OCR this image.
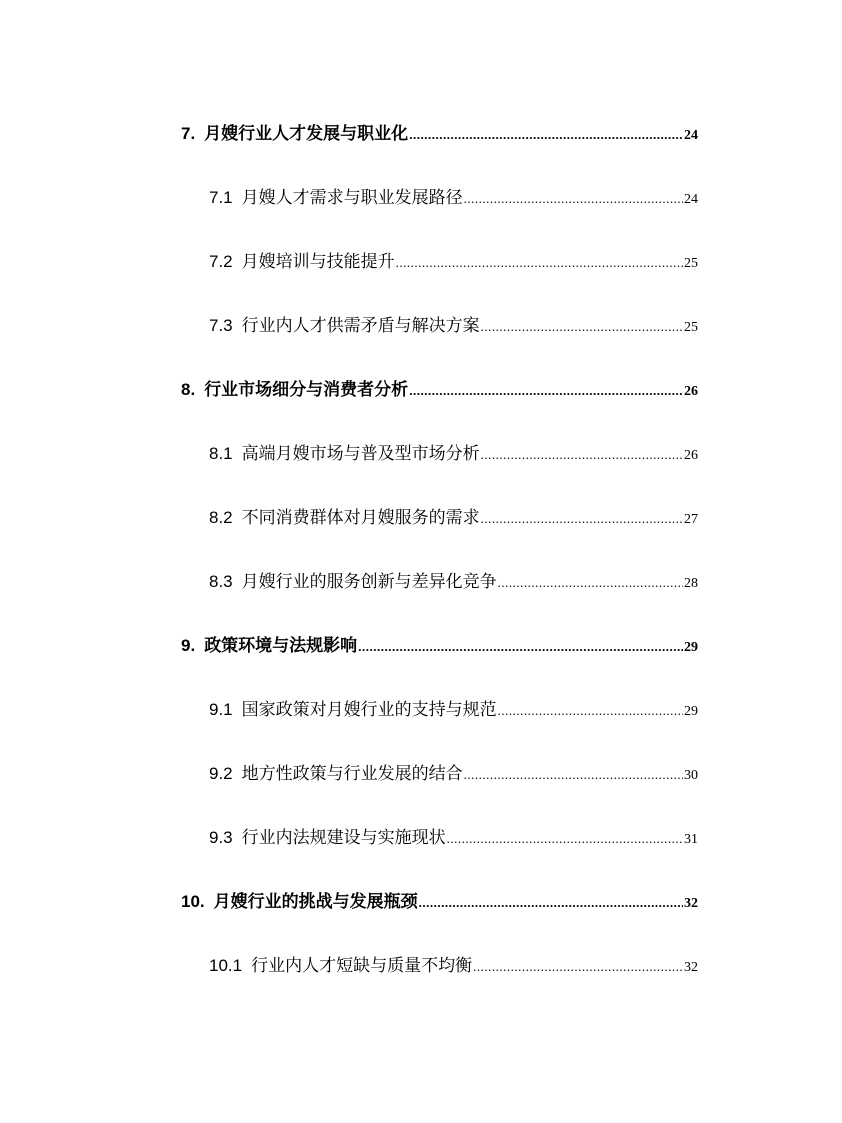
7. 月嫂行业人才发展与职业化 .....	24
7.1 月嫂人才需求与职业发展路径 .....	24
7.2 月嫂培训与技能提升 .....	25
7.3 行业内人才供需矛盾与解决方案 .....	25
8. 行业市场细分与消费者分析 .....	26
8.1 高端月嫂市场与普及型市场分析 .....	26
8.2 不同消费群体对月嫂服务的需求 .....	27
8.3 月嫂行业的服务创新与差异化竞争 .....	28
9. 政策环境与法规影响 .....	29
9.1 国家政策对月嫂行业的支持与规范 .....	29
9.2 地方性政策与行业发展的结合 .....	30
9.3 行业内法规建设与实施现状 .....	31
10. 月嫂行业的挑战与发展瓶颈 .....	32
10.1 行业内人才短缺与质量不均衡 .....	32
